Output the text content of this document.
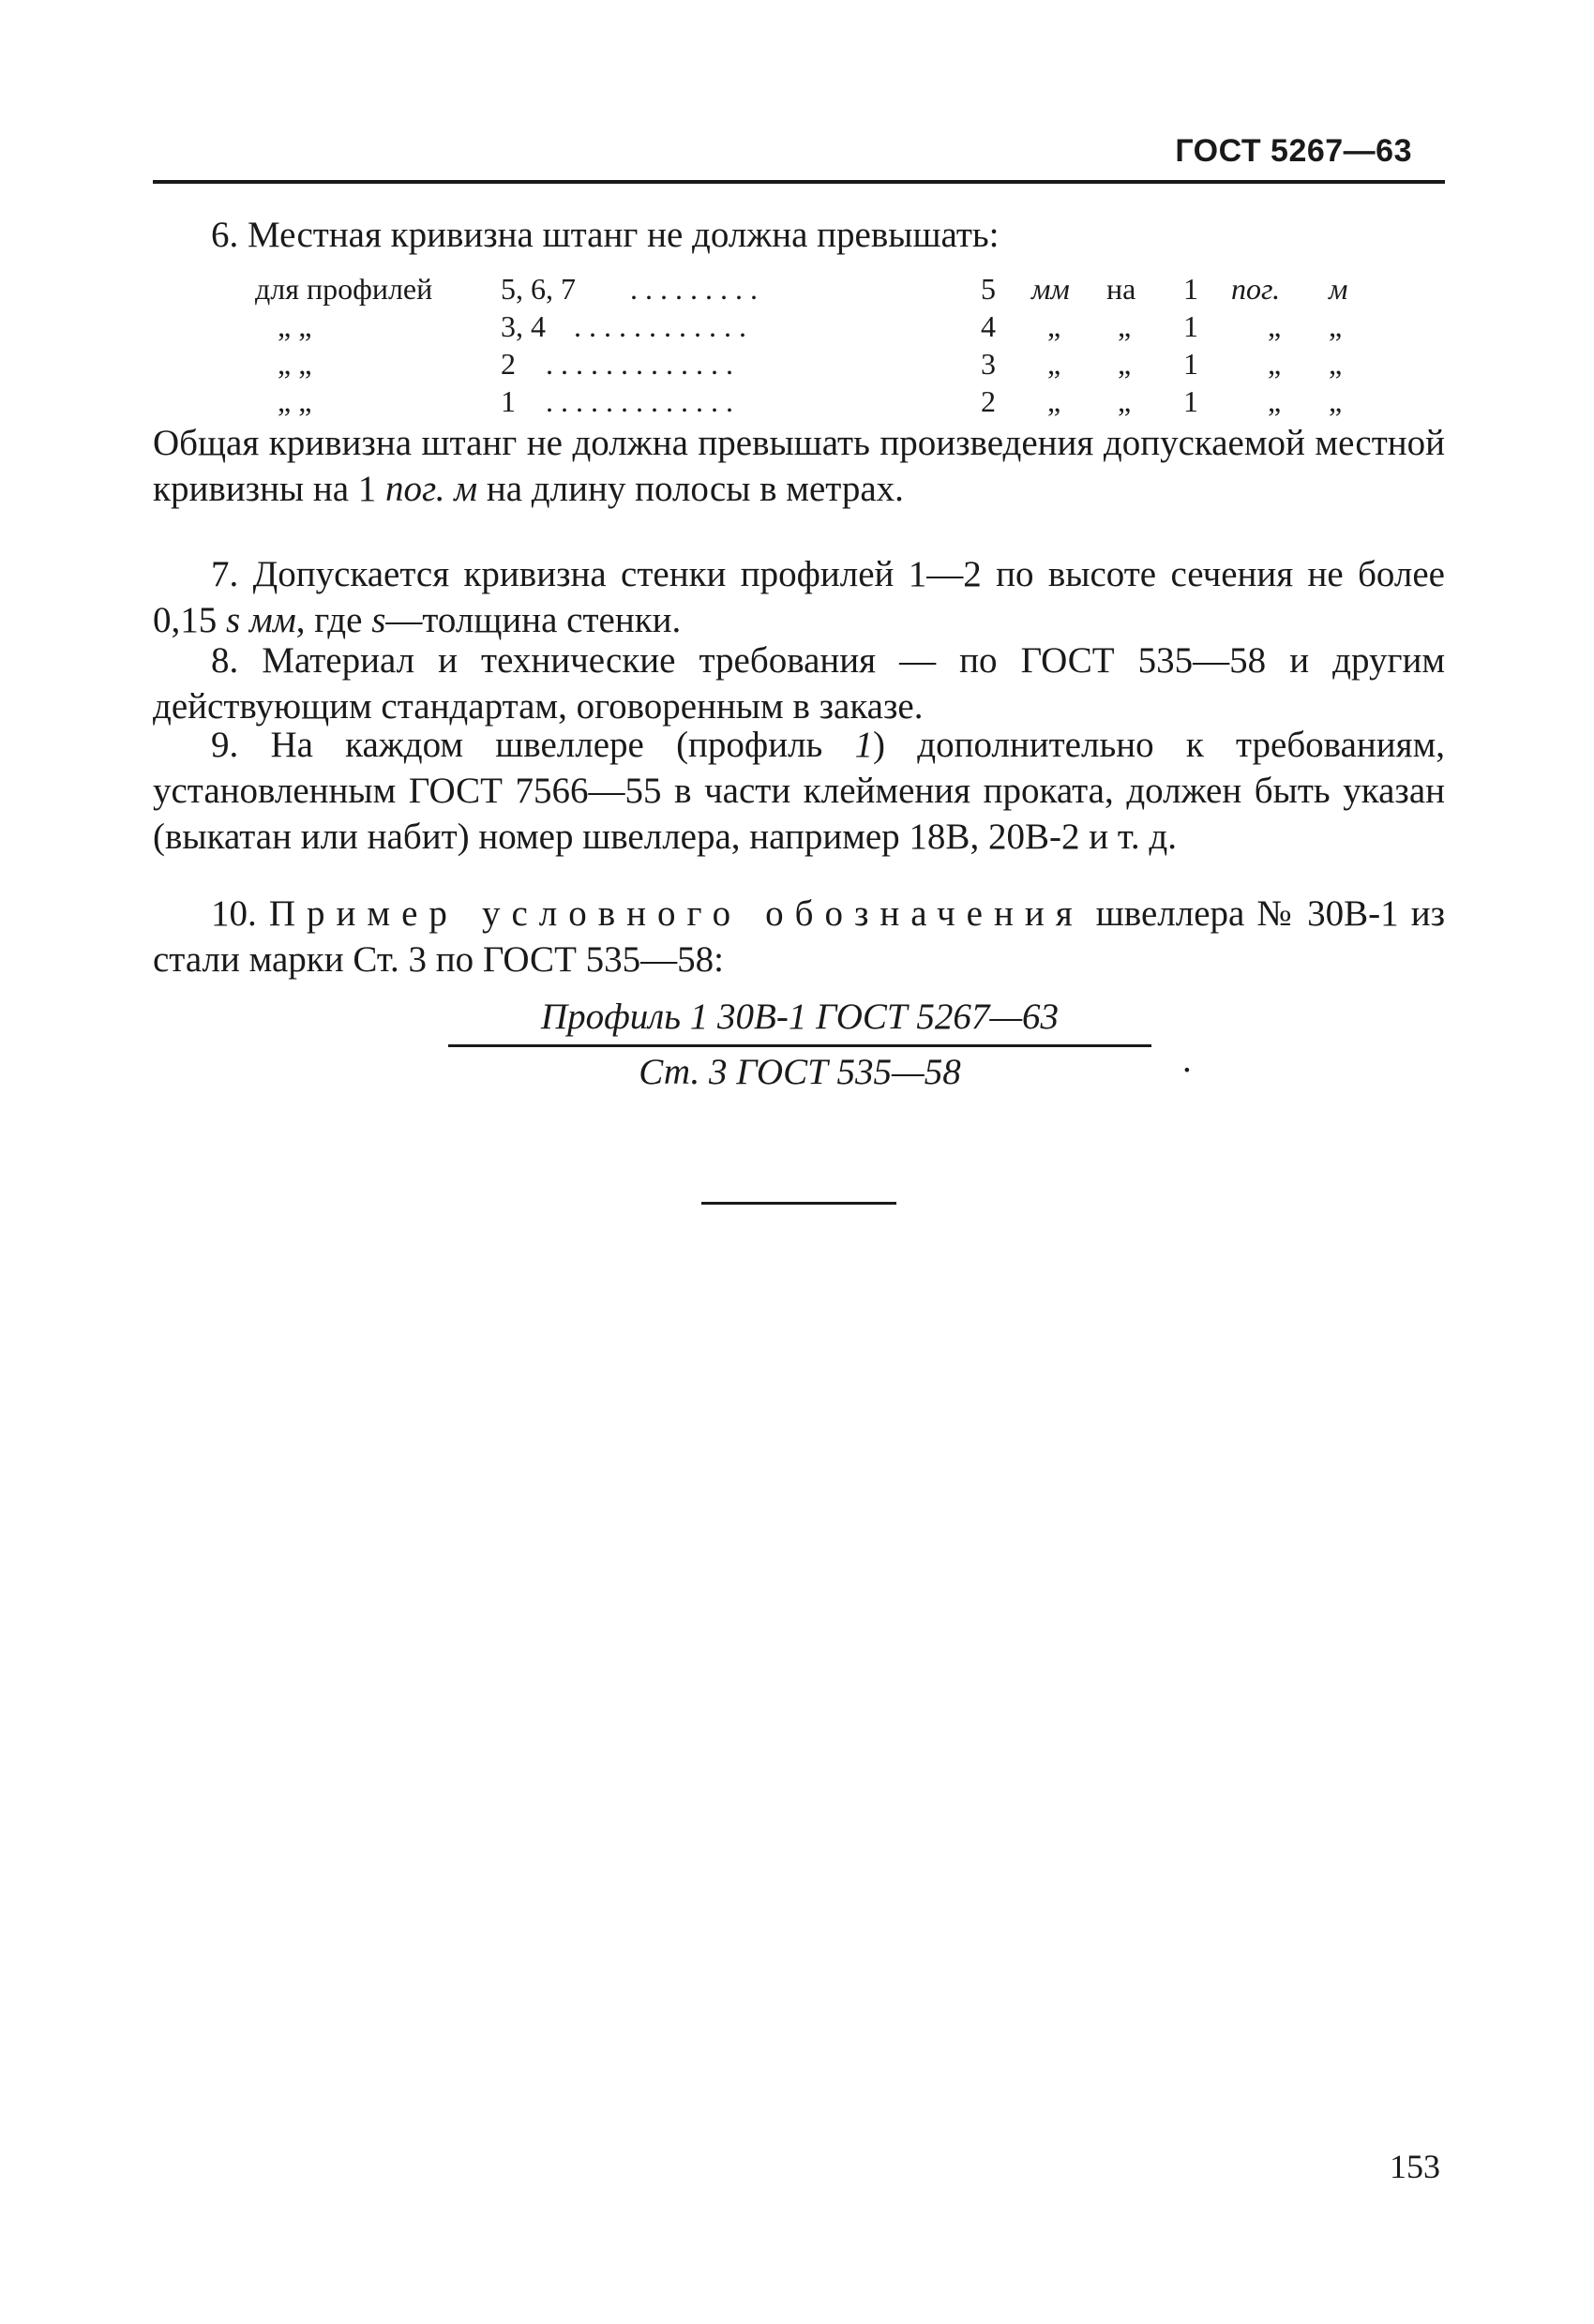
ГОСТ 5267—63
6. Местная кривизна штанг не должна превышать:
для профилей 5, 6, 7 . . . . . . . . .	5 мм на 1 пог. м
„ „	3, 4 . . . . . . . . . . . .	4 „ „ 1 „ „
„ „	2 . . . . . . . . . . . . .	3 „ „ 1 „ „
„ „	1 . . . . . . . . . . . . .	2 „ „ 1 „ „
Общая кривизна штанг не должна превышать произведения допускаемой местной кривизны на 1 пог. м на длину полосы в метрах.
7. Допускается кривизна стенки профилей 1—2 по высоте сечения не более 0,15 s мм, где s—толщина стенки.
8. Материал и технические требования — по ГОСТ 535—58 и другим действующим стандартам, оговоренным в заказе.
9. На каждом швеллере (профиль 1) дополнительно к требованиям, установленным ГОСТ 7566—55 в части клеймения проката, должен быть указан (выкатан или набит) номер швеллера, например 18В, 20В-2 и т. д.
10. Пример условного обозначения швеллера № 30В-1 из стали марки Ст. 3 по ГОСТ 535—58:
Профиль 1 30В-1 ГОСТ 5267—63
Ст. 3 ГОСТ 535—58	.
153
